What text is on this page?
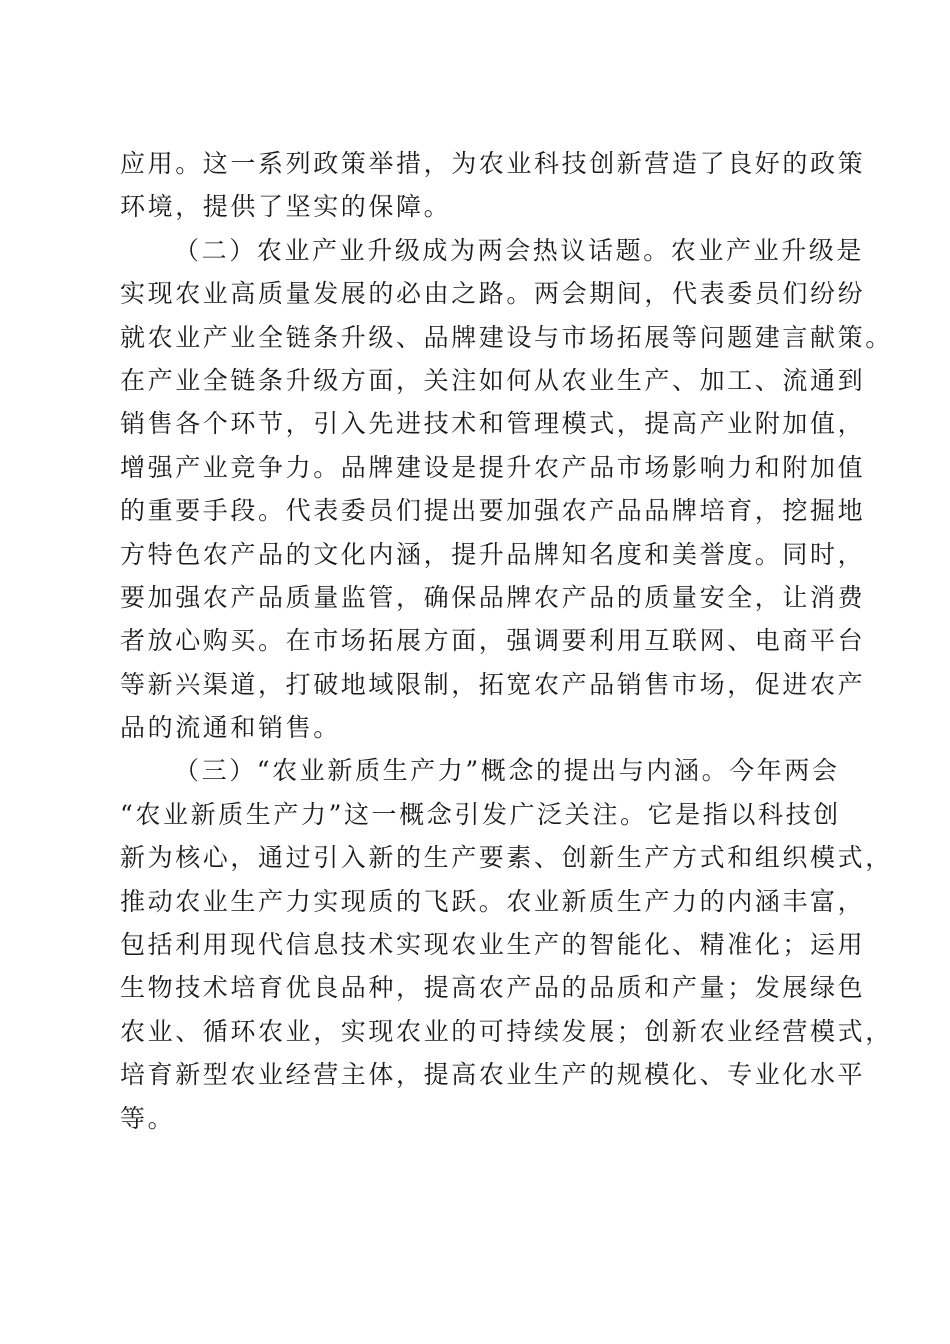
应用。这一系列政策举措，为农业科技创新营造了良好的政策
环境，提供了坚实的保障。
（二）农业产业升级成为两会热议话题。农业产业升级是
实现农业高质量发展的必由之路。两会期间，代表委员们纷纷
就农业产业全链条升级、品牌建设与市场拓展等问题建言献策。
在产业全链条升级方面，关注如何从农业生产、加工、流通到
销售各个环节，引入先进技术和管理模式，提高产业附加值，
增强产业竞争力。品牌建设是提升农产品市场影响力和附加值
的重要手段。代表委员们提出要加强农产品品牌培育，挖掘地
方特色农产品的文化内涵，提升品牌知名度和美誉度。同时，
要加强农产品质量监管，确保品牌农产品的质量安全，让消费
者放心购买。在市场拓展方面，强调要利用互联网、电商平台
等新兴渠道，打破地域限制，拓宽农产品销售市场，促进农产
品的流通和销售。
（三）“农业新质生产力”概念的提出与内涵。今年两会
“农业新质生产力”这一概念引发广泛关注。它是指以科技创
新为核心，通过引入新的生产要素、创新生产方式和组织模式，
推动农业生产力实现质的飞跃。农业新质生产力的内涵丰富，
包括利用现代信息技术实现农业生产的智能化、精准化；运用
生物技术培育优良品种，提高农产品的品质和产量；发展绿色
农业、循环农业，实现农业的可持续发展；创新农业经营模式，
培育新型农业经营主体，提高农业生产的规模化、专业化水平
等。
